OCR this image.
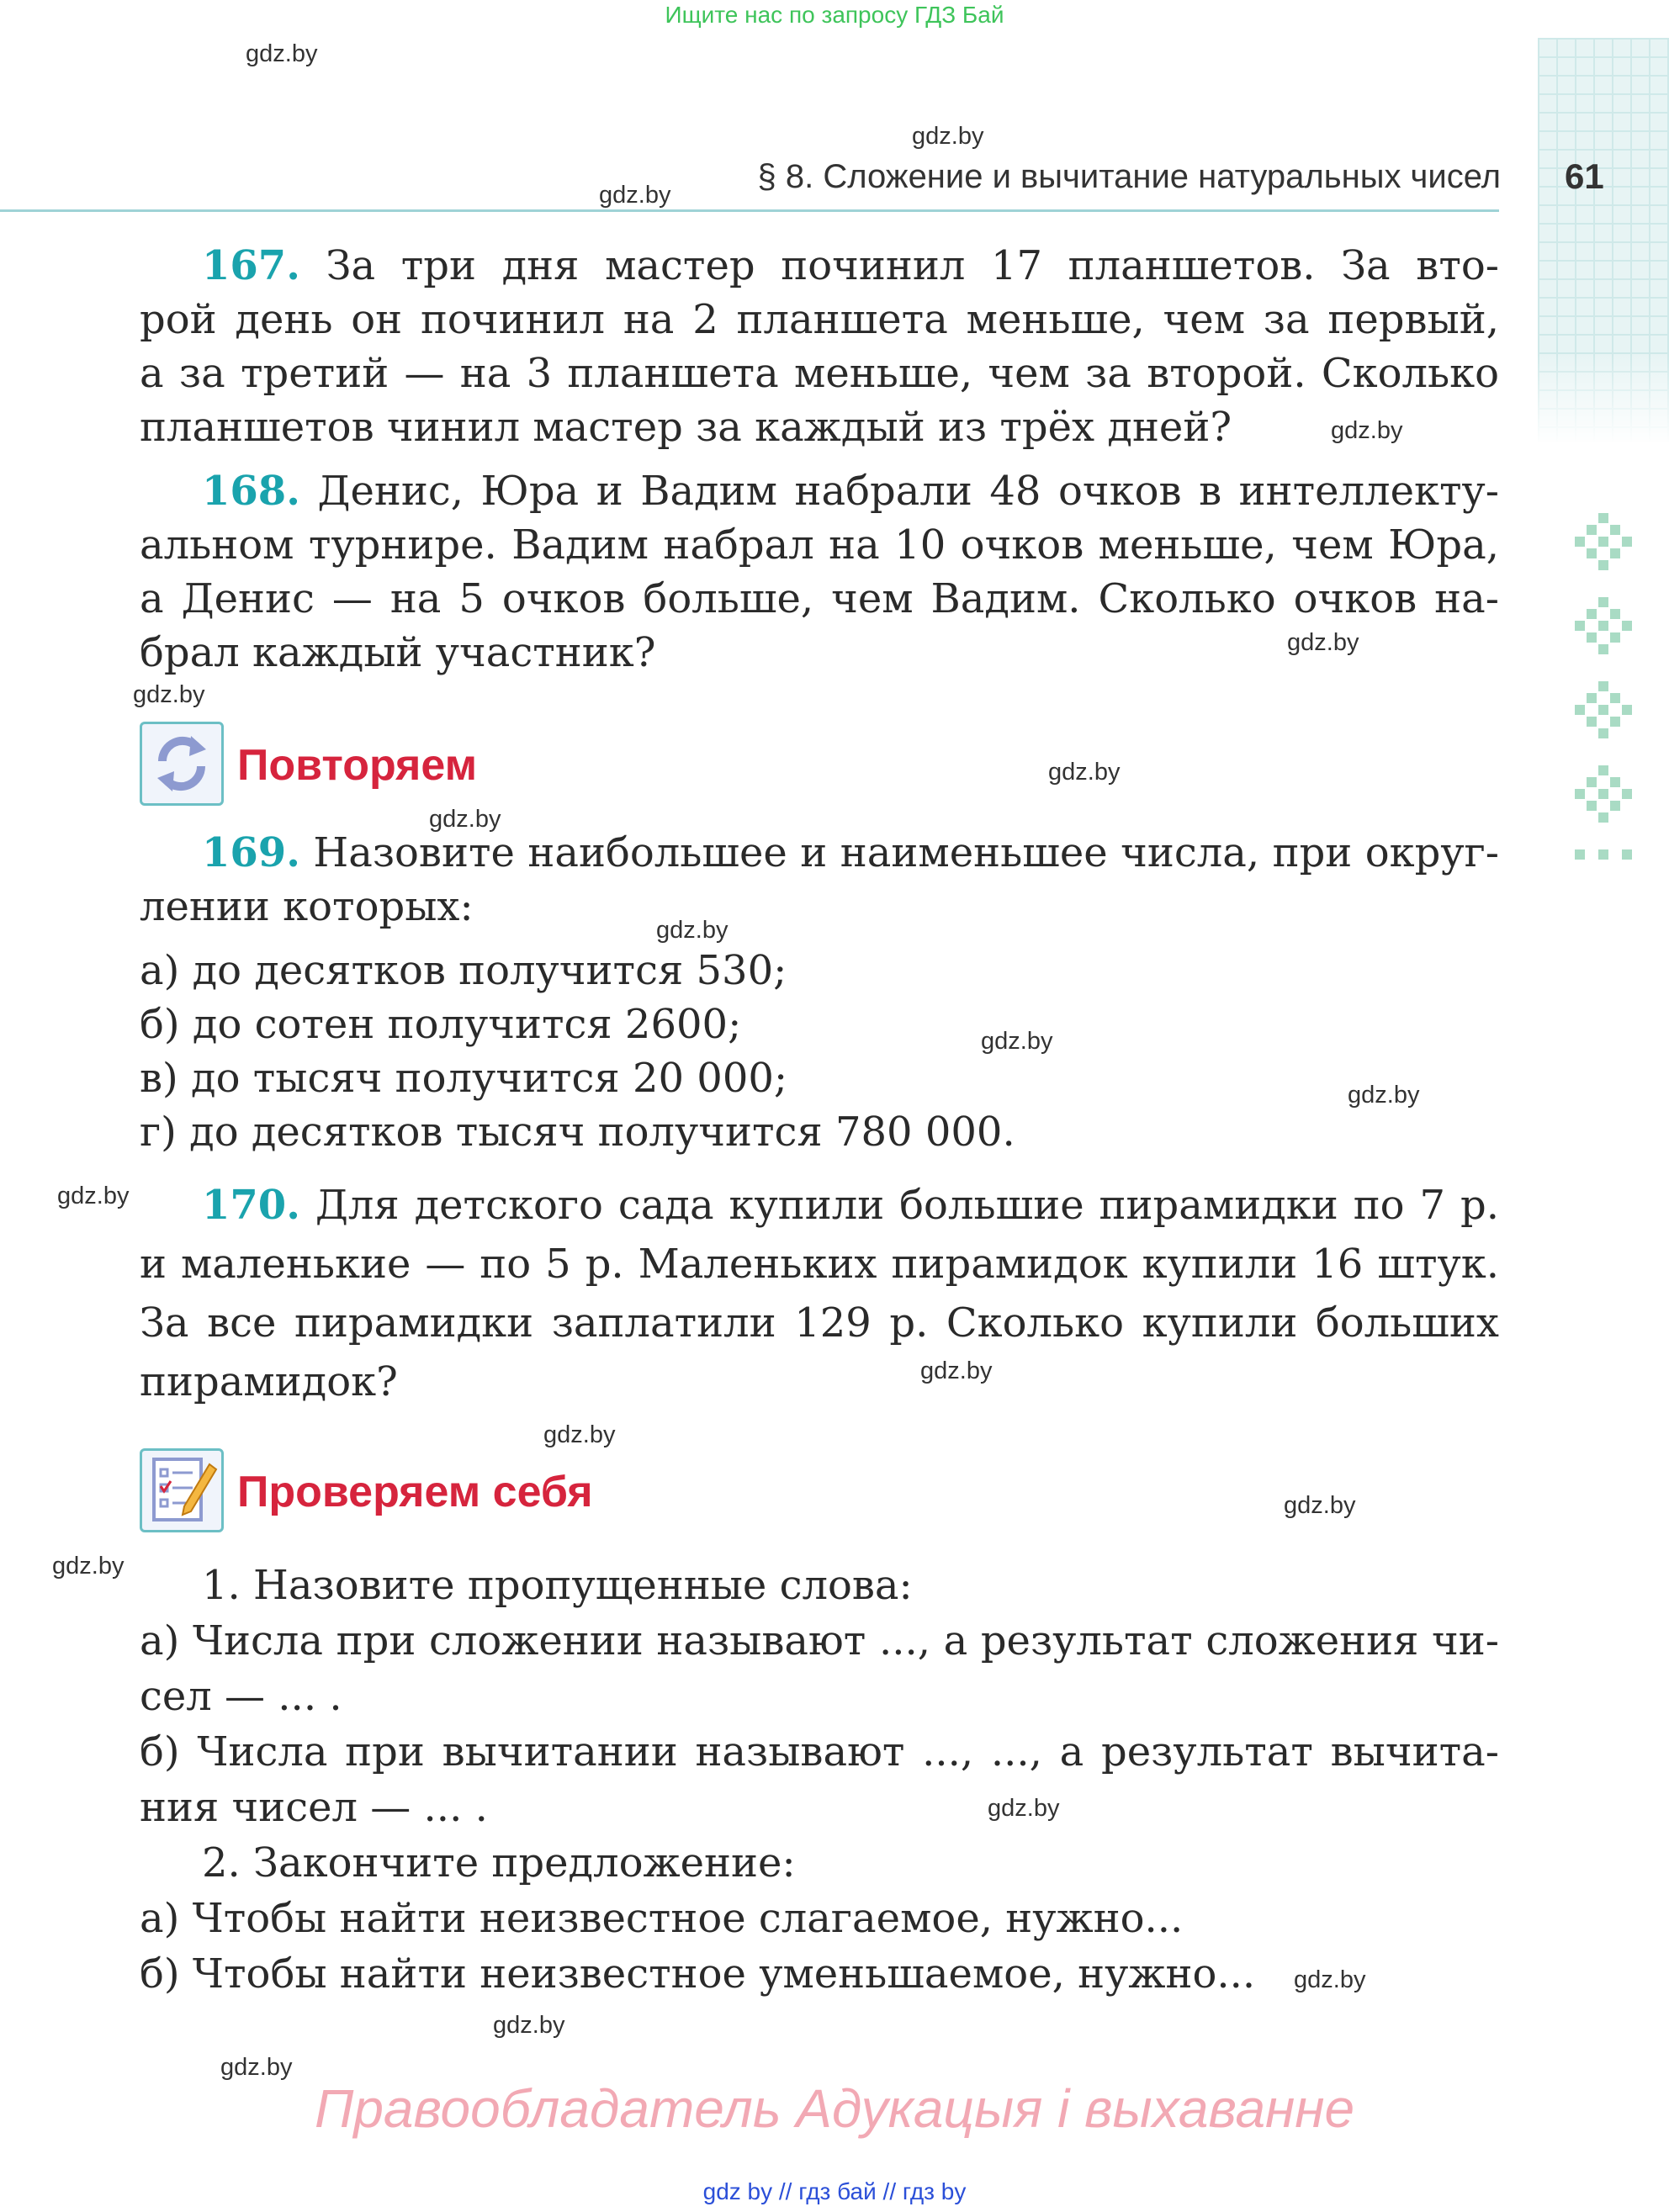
Ищите нас по запросу ГДЗ Бай
§ 8. Сложение и вычитание натуральных чисел 61
167. За три дня мастер починил 17 планшетов. За вто-
рой день он починил на 2 планшета меньше, чем за первый,
а за третий — на 3 планшета меньше, чем за второй. Сколько
планшетов чинил мастер за каждый из трёх дней?
168. Денис, Юра и Вадим набрали 48 очков в интеллекту-
альном турнире. Вадим набрал на 10 очков меньше, чем Юра,
а Денис — на 5 очков больше, чем Вадим. Сколько очков на-
брал каждый участник?
Повторяем
169. Назовите наибольшее и наименьшее числа, при округ-
лении которых:
а) до десятков получится 530;
б) до сотен получится 2600;
в) до тысяч получится 20 000;
г) до десятков тысяч получится 780 000.
170. Для детского сада купили большие пирамидки по 7 р.
и маленькие — по 5 р. Маленьких пирамидок купили 16 штук.
За все пирамидки заплатили 129 р. Сколько купили больших
пирамидок?
Проверяем себя
1. Назовите пропущенные слова:
а) Числа при сложении называют ..., а результат сложения чи-
сел — ... .
б) Числа при вычитании называют ..., ..., а результат вычита-
ния чисел — ... .
2. Закончите предложение:
а) Чтобы найти неизвестное слагаемое, нужно...
б) Чтобы найти неизвестное уменьшаемое, нужно...
gdz.by
gdz.by
gdz.by
gdz.by
gdz.by
gdz.by
gdz.by
gdz.by
gdz.by
gdz.by
gdz.by
gdz.by
gdz.by
gdz.by
gdz.by
gdz.by
gdz.by
gdz.by
gdz.by
gdz.by
Правообладатель Адукацыя і выхаванне
gdz by // гдз бай // гдз by
